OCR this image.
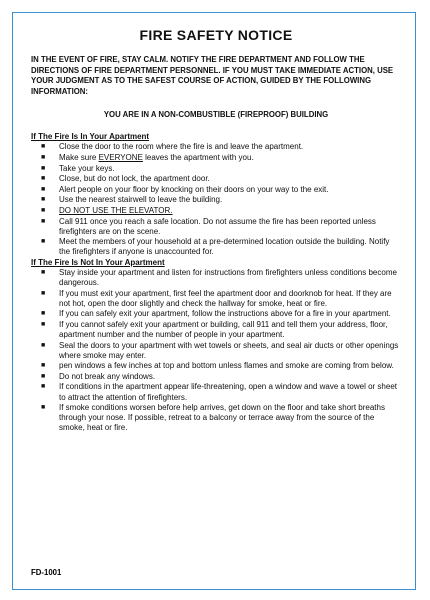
FIRE SAFETY NOTICE
IN THE EVENT OF FIRE, STAY CALM. NOTIFY THE FIRE DEPARTMENT AND FOLLOW THE DIRECTIONS OF FIRE DEPARTMENT PERSONNEL. IF YOU MUST TAKE IMMEDIATE ACTION, USE YOUR JUDGMENT AS TO THE SAFEST COURSE OF ACTION, GUIDED BY THE FOLLOWING INFORMATION:
YOU ARE IN A NON-COMBUSTIBLE (FIREPROOF) BUILDING
If The Fire Is In Your Apartment
■ Close the door to the room where the fire is and leave the apartment.
■ Make sure EVERYONE leaves the apartment with you.
■ Take your keys.
■ Close, but do not lock, the apartment door.
■ Alert people on your floor by knocking on their doors on your way to the exit.
■ Use the nearest stairwell to leave the building.
■ DO NOT USE THE ELEVATOR.
■ Call 911 once you reach a safe location. Do not assume the fire has been reported unless firefighters are on the scene.
■ Meet the members of your household at a pre-determined location outside the building. Notify the firefighters if anyone is unaccounted for.
If The Fire Is Not In Your Apartment
■ Stay inside your apartment and listen for instructions from firefighters unless conditions become dangerous.
■ If you must exit your apartment, first feel the apartment door and doorknob for heat. If they are not hot, open the door slightly and check the hallway for smoke, heat or fire.
■ If you can safely exit your apartment, follow the instructions above for a fire in your apartment.
■ If you cannot safely exit your apartment or building, call 911 and tell them your address, floor, apartment number and the number of people in your apartment.
■ Seal the doors to your apartment with wet towels or sheets, and seal air ducts or other openings where smoke may enter.
■ pen windows a few inches at top and bottom unless flames and smoke are coming from below.
■ Do not break any windows.
■ If conditions in the apartment appear life-threatening, open a window and wave a towel or sheet to attract the attention of firefighters.
■ If smoke conditions worsen before help arrives, get down on the floor and take short breaths through your nose. If possible, retreat to a balcony or terrace away from the source of the smoke, heat or fire.
FD-1001
